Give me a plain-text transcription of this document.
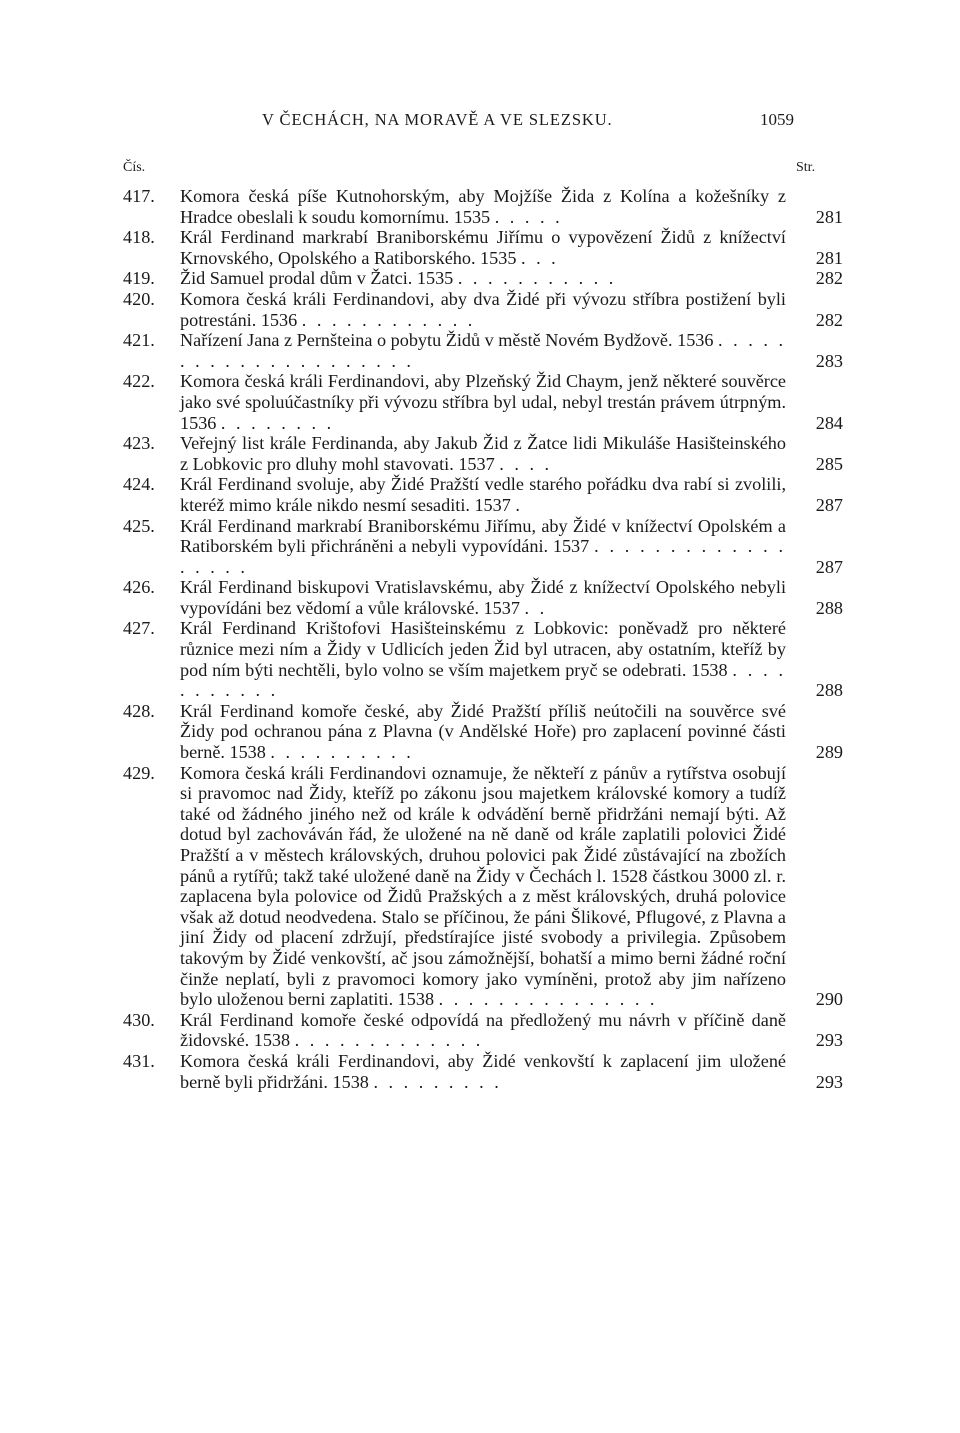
V ČECHÁCH, NA MORAVĚ A VE SLEZSKU.	1059
Čís.	Str.
417.	Komora česká píše Kutnohorským, aby Mojžíše Žida z Kolína a kožešníky z Hradce obeslali k soudu komornímu. 1535 . . . . .	281
418.	Král Ferdinand markrabí Braniborskému Jiřímu o vypovězení Židů z knížectví Krnovského, Opolského a Ratiborského. 1535 . . .	281
419.	Žid Samuel prodal dům v Žatci. 1535 . . . . . . . . . . .	282
420.	Komora česká králi Ferdinandovi, aby dva Židé při vývozu stříbra postižení byli potrestáni. 1536 . . . . . . . . . . . .	282
421.	Nařízení Jana z Pernšteina o pobytu Židů v městě Novém Bydžově. 1536 . . . . . . . . . . . . . . . . . . . . .	283
422.	Komora česká králi Ferdinandovi, aby Plzeňský Žid Chaym, jenž některé souvěrce jako své spoluúčastníky při vývozu stříbra byl udal, nebyl trestán právem útrpným. 1536 . . . . . . . .	284
423.	Veřejný list krále Ferdinanda, aby Jakub Žid z Žatce lidi Mikuláše Hasišteinského z Lobkovic pro dluhy mohl stavovati. 1537 . . . .	285
424.	Král Ferdinand svoluje, aby Židé Pražští vedle starého pořádku dva rabí si zvolili, kteréž mimo krále nikdo nesmí sesaditi. 1537 .	287
425.	Král Ferdinand markrabí Braniborskému Jiřímu, aby Židé v knížectví Opolském a Ratiborském byli přichráněni a nebyli vypovídáni. 1537 . . . . . . . . . . . . . . . . . .	287
426.	Král Ferdinand biskupovi Vratislavskému, aby Židé z knížectví Opolského nebyli vypovídáni bez vědomí a vůle královské. 1537 . .	288
427.	Král Ferdinand Krištofovi Hasišteinskému z Lobkovic: poněvadž pro některé různice mezi ním a Židy v Udlicích jeden Žid byl utracen, aby ostatním, kteříž by pod ním býti nechtěli, bylo volno se vším majetkem pryč se odebrati. 1538 . . . . . . . . . . .	288
428.	Král Ferdinand komoře české, aby Židé Pražští příliš neútočili na souvěrce své Židy pod ochranou pána z Plavna (v Andělské Hoře) pro zaplacení povinné části berně. 1538 . . . . . . . . . .	289
429.	Komora česká králi Ferdinandovi oznamuje, že někteří z pánův a rytířstva osobují si pravomoc nad Židy, kteříž po zákonu jsou majetkem královské komory a tudíž také od žádného jiného než od krále k odvádění berně přidržáni nemají býti. Až dotud byl zachováván řád, že uložené na ně daně od krále zaplatili polovici Židé Pražští a v městech královských, druhou polovici pak Židé zůstávající na zbožích pánů a rytířů; takž také uložené daně na Židy v Čechách l. 1528 částkou 3000 zl. r. zaplacena byla polovice od Židů Pražských a z měst královských, druhá polovice však až dotud neodvedena. Stalo se příčinou, že páni Šlikové, Pflugové, z Plavna a jiní Židy od placení zdržují, předstírajíce jisté svobody a privilegia. Způsobem takovým by Židé venkovští, ač jsou zámožnější, bohatší a mimo berni žádné roční činže neplatí, byli z pravomoci komory jako vymíněni, protož aby jim nařízeno bylo uloženou berni zaplatiti. 1538 . . . . . . . . . . . . . . .	290
430.	Král Ferdinand komoře české odpovídá na předložený mu návrh v příčině daně židovské. 1538 . . . . . . . . . . . . .	293
431.	Komora česká králi Ferdinandovi, aby Židé venkovští k zaplacení jim uložené berně byli přidržáni. 1538 . . . . . . . . .	293
